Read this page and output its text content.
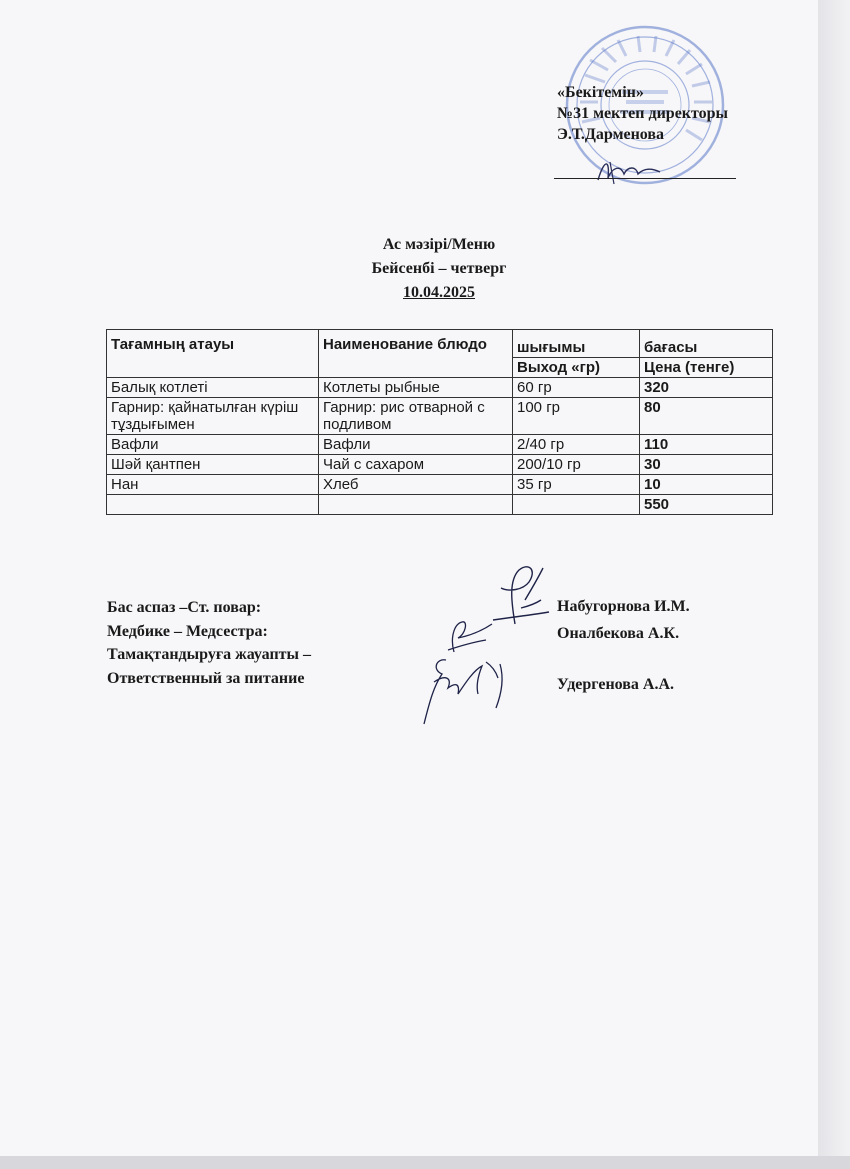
«Бекітемін»
№31 мектеп директоры
Э.Т.Дарменова
Ас мәзірі/Меню
Бейсенбі – четверг
10.04.2025
Тағамның атауы	Наименование блюдо	шығымы	бағасы
		Выход «гр)	Цена (тенге)
Балық котлеті	Котлеты рыбные	60 гр	320
Гарнир: қайнатылған күріш тұздығымен	Гарнир: рис отварной с подливом	100 гр	80
Вафли	Вафли	2/40 гр	110
Шәй қантпен	Чай с сахаром	200/10 гр	30
Нан	Хлеб	35 гр	10
			550
Бас аспаз –Ст. повар:
Медбике – Медсестра:
Тамақтандыруға жауапты –
Ответственный за питание
Набугорнова И.М.
Оналбекова А.К.
Удергенова А.А.
